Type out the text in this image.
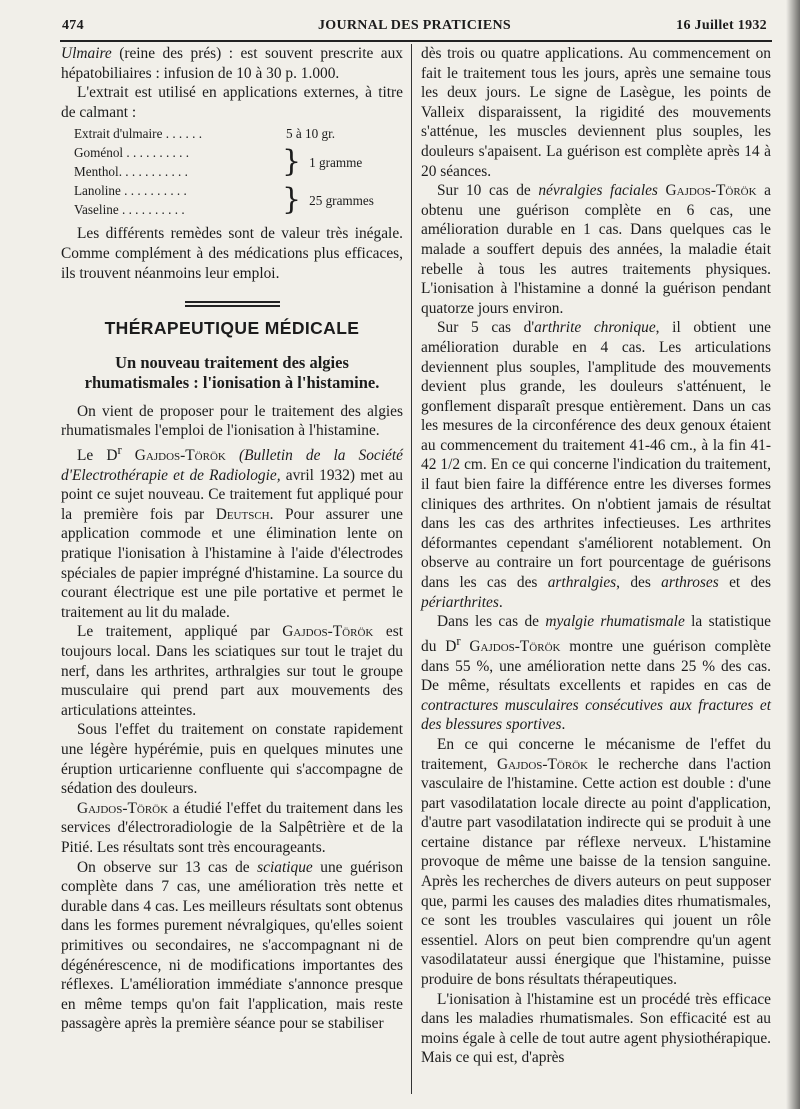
474	JOURNAL DES PRATICIENS	16 Juillet 1932

Ulmaire (reine des prés) : est souvent prescrite aux hépatobiliaires : infusion de 10 à 30 p. 1.000.

L'extrait est utilisé en applications externes, à titre de calmant :

Extrait d'ulmaire . . . . . .	5 à 10 gr.
Goménol . . . . . . . . . .
Menthol. . . . . . . . . . .	} 1 gramme
Lanoline . . . . . . . . . .
Vaseline . . . . . . . . . .	} 25 grammes

Les différents remèdes sont de valeur très inégale. Comme complément à des médications plus efficaces, ils trouvent néanmoins leur emploi.

THÉRAPEUTIQUE MÉDICALE
Un nouveau traitement des algies rhumatismales : l'ionisation à l'histamine.

On vient de proposer pour le traitement des algies rhumatismales l'emploi de l'ionisation à l'histamine.

Le $D^r$ Gajdos-Török (Bulletin de la Société d'Electrothérapie et de Radiologie, avril 1932) met au point ce sujet nouveau. Ce traitement fut appliqué pour la première fois par Deutsch. Pour assurer une application commode et une élimination lente on pratique l'ionisation à l'histamine à l'aide d'électrodes spéciales de papier imprégné d'histamine. La source du courant électrique est une pile portative et permet le traitement au lit du malade.

Le traitement, appliqué par Gajdos-Török est toujours local. Dans les sciatiques sur tout le trajet du nerf, dans les arthrites, arthralgies sur tout le groupe musculaire qui prend part aux mouvements des articulations atteintes.

Sous l'effet du traitement on constate rapidement une légère hypérémie, puis en quelques minutes une éruption urticarienne confluente qui s'accompagne de sédation des douleurs.

Gajdos-Török a étudié l'effet du traitement dans les services d'électroradiologie de la Salpêtrière et de la Pitié. Les résultats sont très encourageants.

On observe sur 13 cas de sciatique une guérison complète dans 7 cas, une amélioration très nette et durable dans 4 cas. Les meilleurs résultats sont obtenus dans les formes purement névralgiques, qu'elles soient primitives ou secondaires, ne s'accompagnant ni de dégénérescence, ni de modifications importantes des réflexes. L'amélioration immédiate s'annonce presque en même temps qu'on fait l'application, mais reste passagère après la première séance pour se stabiliser

dès trois ou quatre applications. Au commencement on fait le traitement tous les jours, après une semaine tous les deux jours. Le signe de Lasègue, les points de Valleix disparaissent, la rigidité des mouvements s'atténue, les muscles deviennent plus souples, les douleurs s'apaisent. La guérison est complète après 14 à 20 séances.

Sur 10 cas de névralgies faciales Gajdos-Török a obtenu une guérison complète en 6 cas, une amélioration durable en 1 cas. Dans quelques cas le malade a souffert depuis des années, la maladie était rebelle à tous les autres traitements physiques. L'ionisation à l'histamine a donné la guérison pendant quatorze jours environ.

Sur 5 cas d'arthrite chronique, il obtient une amélioration durable en 4 cas. Les articulations deviennent plus souples, l'amplitude des mouvements devient plus grande, les douleurs s'atténuent, le gonflement disparaît presque entièrement. Dans un cas les mesures de la circonférence des deux genoux étaient au commencement du traitement 41-46 cm., à la fin 41-42 1/2 cm. En ce qui concerne l'indication du traitement, il faut bien faire la différence entre les diverses formes cliniques des arthrites. On n'obtient jamais de résultat dans les cas des arthrites infectieuses. Les arthrites déformantes cependant s'améliorent notablement. On observe au contraire un fort pourcentage de guérisons dans les cas des arthralgies, des arthroses et des périarthrites.

Dans les cas de myalgie rhumatismale la statistique du $D^r$ Gajdos-Török montre une guérison complète dans 55 %, une amélioration nette dans 25 % des cas. De même, résultats excellents et rapides en cas de contractures musculaires consécutives aux fractures et des blessures sportives.

En ce qui concerne le mécanisme de l'effet du traitement, Gajdos-Török le recherche dans l'action vasculaire de l'histamine. Cette action est double : d'une part vasodilatation locale directe au point d'application, d'autre part vasodilatation indirecte qui se produit à une certaine distance par réflexe nerveux. L'histamine provoque de même une baisse de la tension sanguine. Après les recherches de divers auteurs on peut supposer que, parmi les causes des maladies dites rhumatismales, ce sont les troubles vasculaires qui jouent un rôle essentiel. Alors on peut bien comprendre qu'un agent vasodilatateur aussi énergique que l'histamine, puisse produire de bons résultats thérapeutiques.

L'ionisation à l'histamine est un procédé très efficace dans les maladies rhumatismales. Son efficacité est au moins égale à celle de tout autre agent physiothérapique. Mais ce qui est, d'après
